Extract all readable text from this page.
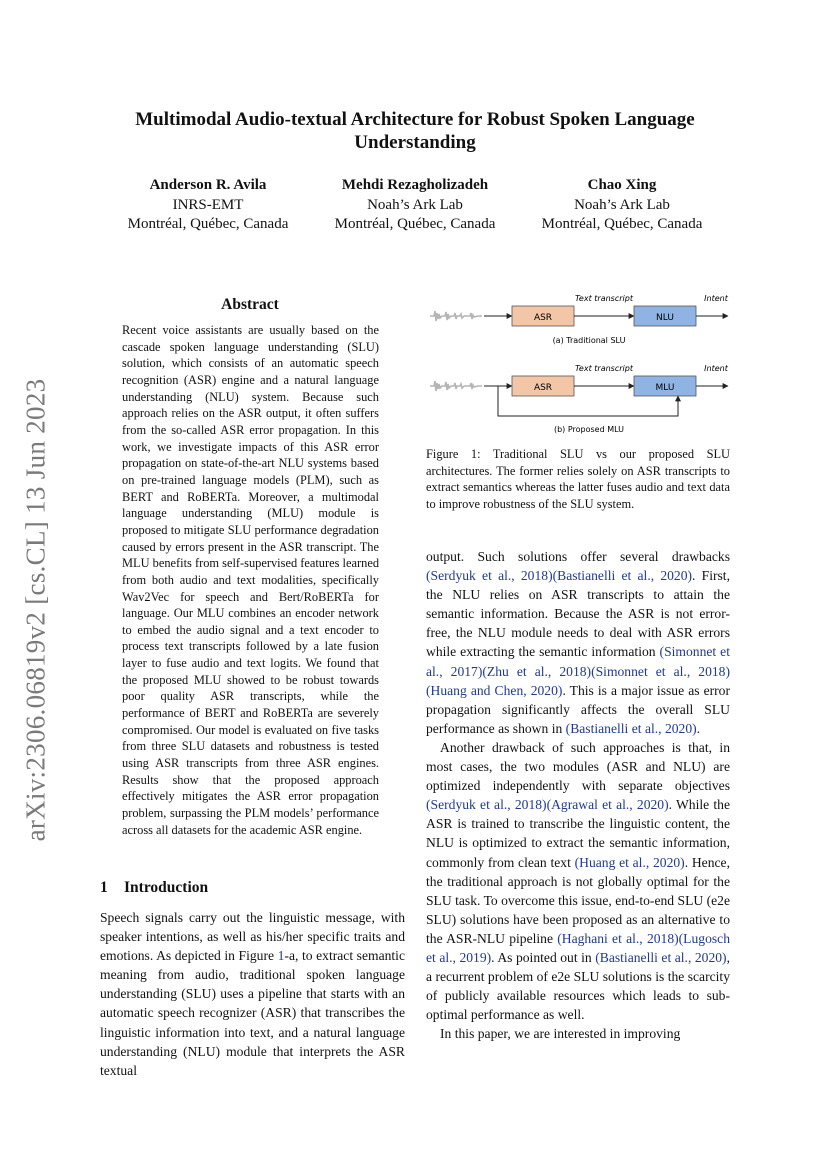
arXiv:2306.06819v2 [cs.CL] 13 Jun 2023
Multimodal Audio-textual Architecture for Robust Spoken Language Understanding
Anderson R. Avila
INRS-EMT
Montréal, Québec, Canada
Mehdi Rezagholizadeh
Noah’s Ark Lab
Montréal, Québec, Canada
Chao Xing
Noah’s Ark Lab
Montréal, Québec, Canada
Abstract

Recent voice assistants are usually based on the cascade spoken language understanding (SLU) solution, which consists of an automatic speech recognition (ASR) engine and a natural language understanding (NLU) system. Because such approach relies on the ASR output, it often suffers from the so-called ASR error propagation. In this work, we investigate impacts of this ASR error propagation on state-of-the-art NLU systems based on pre-trained language models (PLM), such as BERT and RoBERTa. Moreover, a multimodal language understanding (MLU) module is proposed to mitigate SLU performance degradation caused by errors present in the ASR transcript. The MLU benefits from self-supervised features learned from both audio and text modalities, specifically Wav2Vec for speech and Bert/RoBERTa for language. Our MLU combines an encoder network to embed the audio signal and a text encoder to process text transcripts followed by a late fusion layer to fuse audio and text logits. We found that the proposed MLU showed to be robust towards poor quality ASR transcripts, while the performance of BERT and RoBERTa are severely compromised. Our model is evaluated on five tasks from three SLU datasets and robustness is tested using ASR transcripts from three ASR engines. Results show that the proposed approach effectively mitigates the ASR error propagation problem, surpassing the PLM models’ performance across all datasets for the academic ASR engine.

1 Introduction

Speech signals carry out the linguistic message, with speaker intentions, as well as his/her specific traits and emotions. As depicted in Figure 1-a, to extract semantic meaning from audio, traditional spoken language understanding (SLU) uses a pipeline that starts with an automatic speech recognizer (ASR) that transcribes the linguistic information into text, and a natural language understanding (NLU) module that interprets the ASR textual

ASR
Text transcript
NLU
Intent
(a) Traditional SLU
ASR
Text transcript
MLU
Intent
(b) Proposed MLU

Figure 1: Traditional SLU vs our proposed SLU architectures. The former relies solely on ASR transcripts to extract semantics whereas the latter fuses audio and text data to improve robustness of the SLU system.

output. Such solutions offer several drawbacks (Serdyuk et al., 2018)(Bastianelli et al., 2020). First, the NLU relies on ASR transcripts to attain the semantic information. Because the ASR is not error-free, the NLU module needs to deal with ASR errors while extracting the semantic information (Simonnet et al., 2017)(Zhu et al., 2018)(Simonnet et al., 2018)(Huang and Chen, 2020). This is a major issue as error propagation significantly affects the overall SLU performance as shown in (Bastianelli et al., 2020).

Another drawback of such approaches is that, in most cases, the two modules (ASR and NLU) are optimized independently with separate objectives (Serdyuk et al., 2018)(Agrawal et al., 2020). While the ASR is trained to transcribe the linguistic content, the NLU is optimized to extract the semantic information, commonly from clean text (Huang et al., 2020). Hence, the traditional approach is not globally optimal for the SLU task. To overcome this issue, end-to-end SLU (e2e SLU) solutions have been proposed as an alternative to the ASR-NLU pipeline (Haghani et al., 2018)(Lugosch et al., 2019). As pointed out in (Bastianelli et al., 2020), a recurrent problem of e2e SLU solutions is the scarcity of publicly available resources which leads to sub-optimal performance as well.

In this paper, we are interested in improving
